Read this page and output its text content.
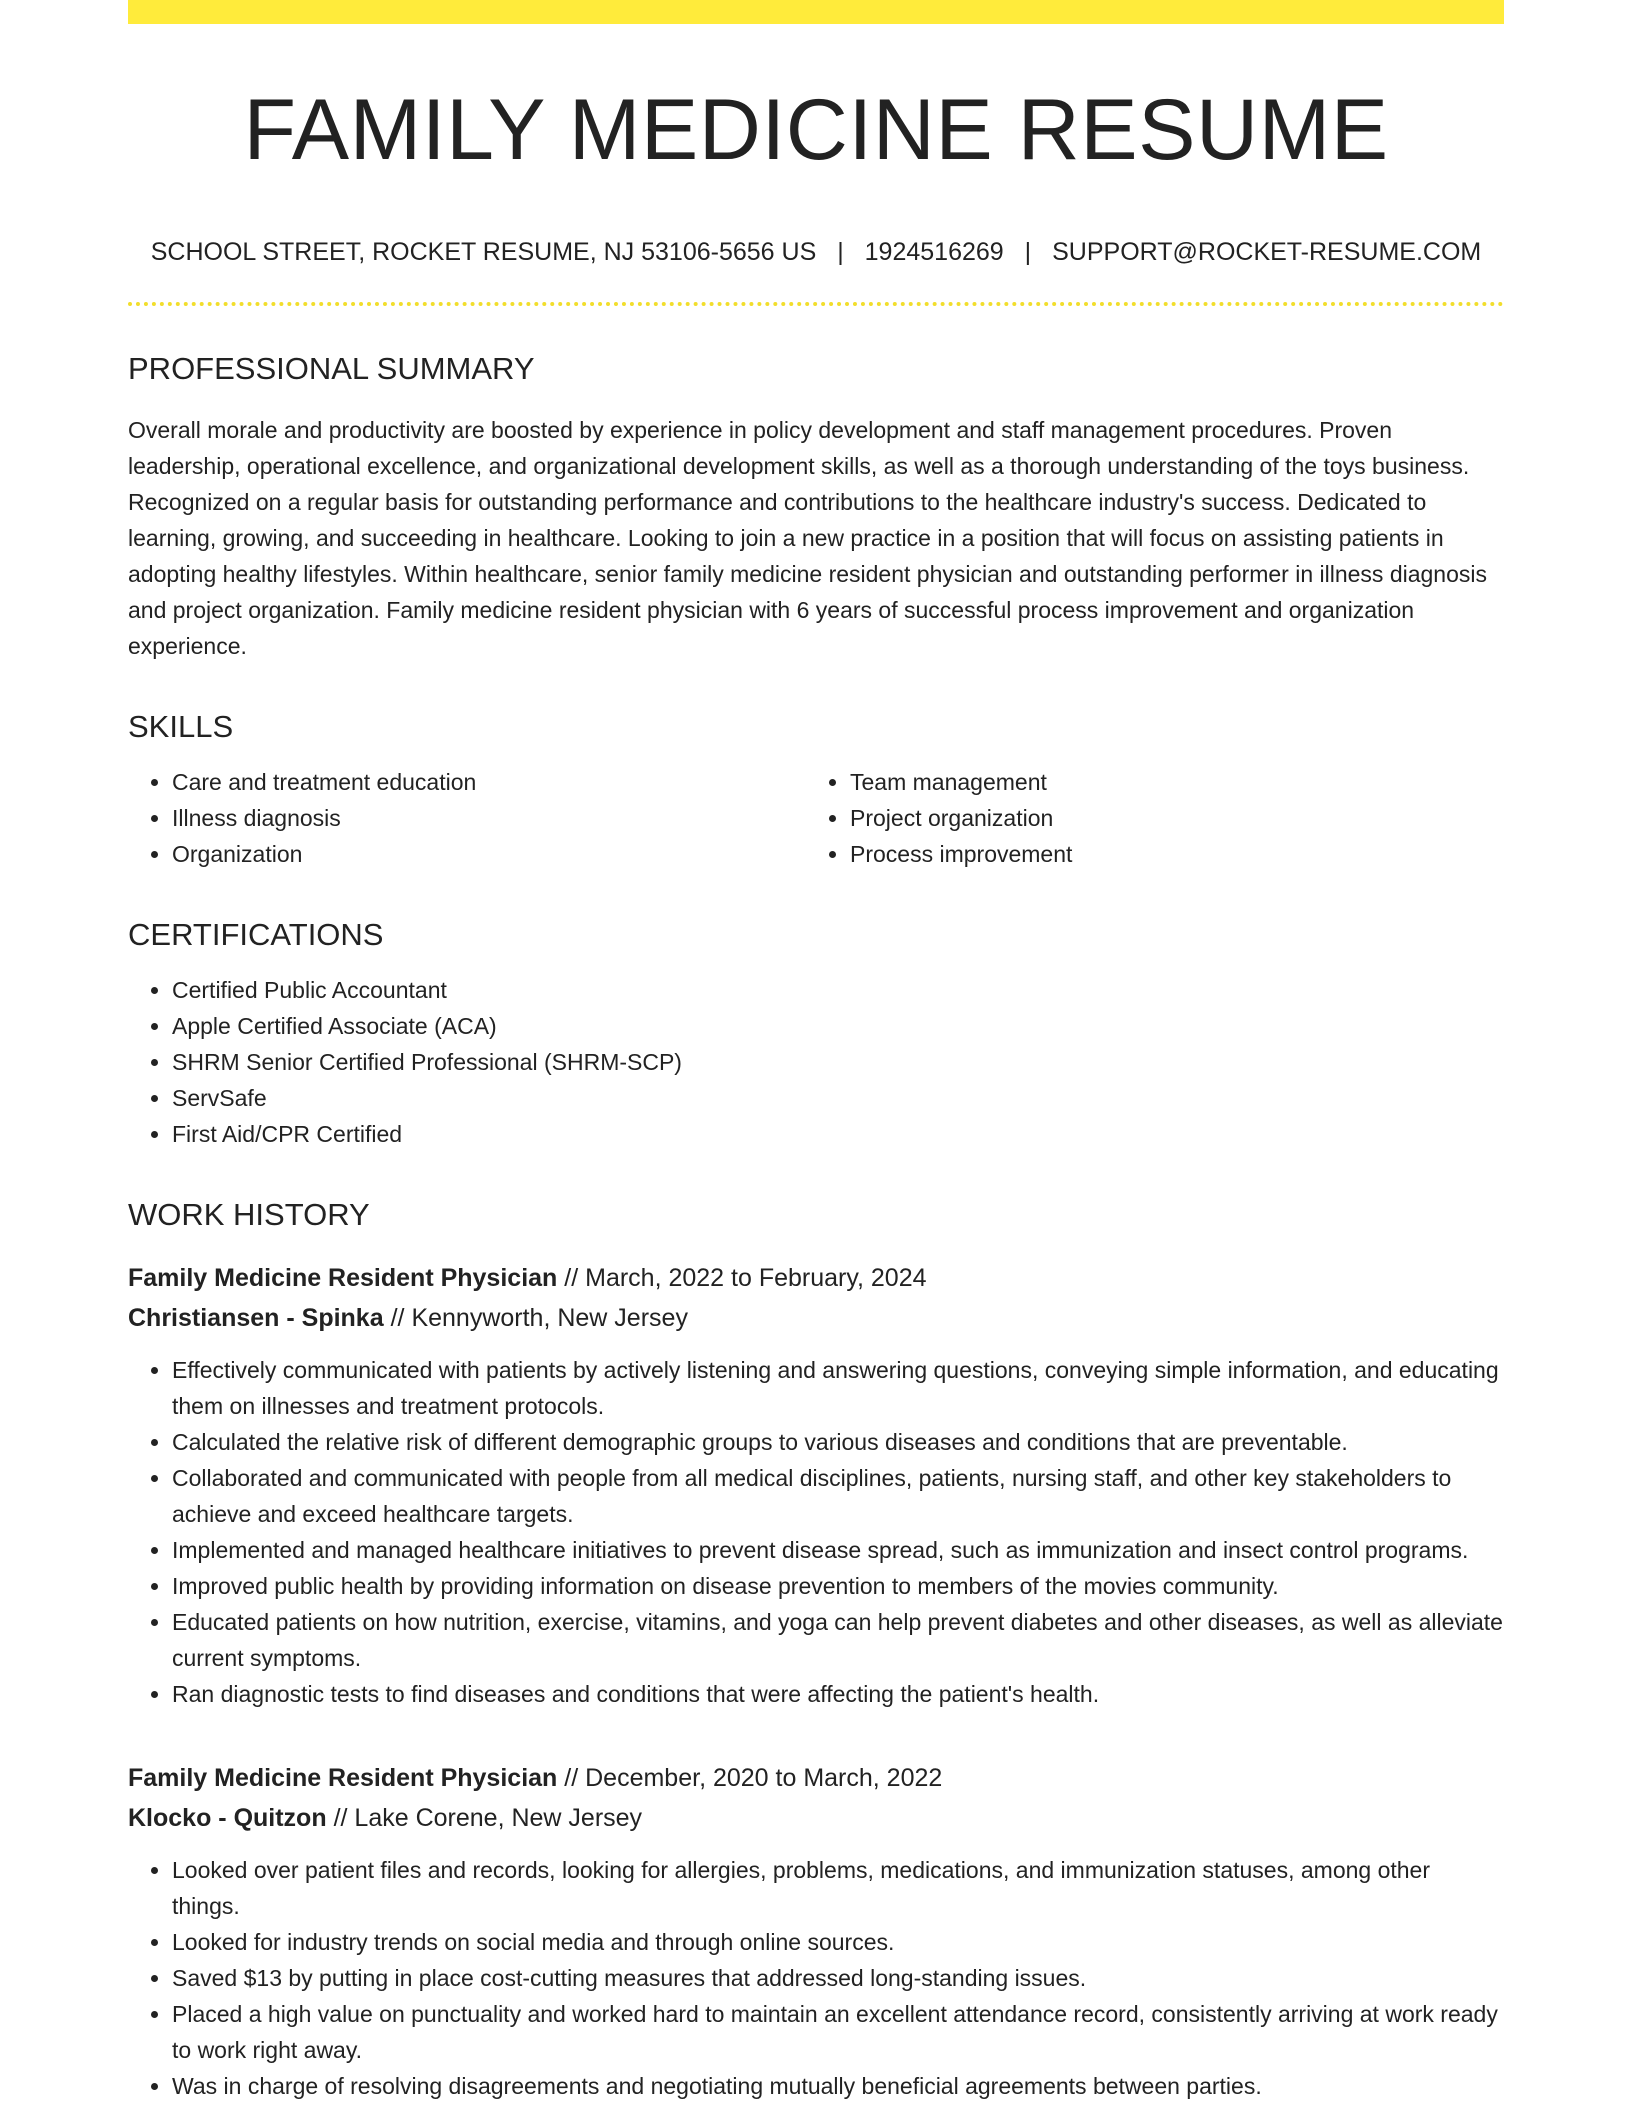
FAMILY MEDICINE RESUME
SCHOOL STREET, ROCKET RESUME, NJ 53106-5656 US | 1924516269 | SUPPORT@ROCKET-RESUME.COM
PROFESSIONAL SUMMARY
Overall morale and productivity are boosted by experience in policy development and staff management procedures. Proven leadership, operational excellence, and organizational development skills, as well as a thorough understanding of the toys business. Recognized on a regular basis for outstanding performance and contributions to the healthcare industry's success. Dedicated to learning, growing, and succeeding in healthcare. Looking to join a new practice in a position that will focus on assisting patients in adopting healthy lifestyles. Within healthcare, senior family medicine resident physician and outstanding performer in illness diagnosis and project organization. Family medicine resident physician with 6 years of successful process improvement and organization experience.
SKILLS
• Care and treatment education
• Illness diagnosis
• Organization
• Team management
• Project organization
• Process improvement
CERTIFICATIONS
• Certified Public Accountant
• Apple Certified Associate (ACA)
• SHRM Senior Certified Professional (SHRM-SCP)
• ServSafe
• First Aid/CPR Certified
WORK HISTORY
Family Medicine Resident Physician // March, 2022 to February, 2024
Christiansen - Spinka // Kennyworth, New Jersey
• Effectively communicated with patients by actively listening and answering questions, conveying simple information, and educating them on illnesses and treatment protocols.
• Calculated the relative risk of different demographic groups to various diseases and conditions that are preventable.
• Collaborated and communicated with people from all medical disciplines, patients, nursing staff, and other key stakeholders to achieve and exceed healthcare targets.
• Implemented and managed healthcare initiatives to prevent disease spread, such as immunization and insect control programs.
• Improved public health by providing information on disease prevention to members of the movies community.
• Educated patients on how nutrition, exercise, vitamins, and yoga can help prevent diabetes and other diseases, as well as alleviate current symptoms.
• Ran diagnostic tests to find diseases and conditions that were affecting the patient's health.
Family Medicine Resident Physician // December, 2020 to March, 2022
Klocko - Quitzon // Lake Corene, New Jersey
• Looked over patient files and records, looking for allergies, problems, medications, and immunization statuses, among other things.
• Looked for industry trends on social media and through online sources.
• Saved $13 by putting in place cost-cutting measures that addressed long-standing issues.
• Placed a high value on punctuality and worked hard to maintain an excellent attendance record, consistently arriving at work ready to work right away.
• Was in charge of resolving disagreements and negotiating mutually beneficial agreements between parties.
